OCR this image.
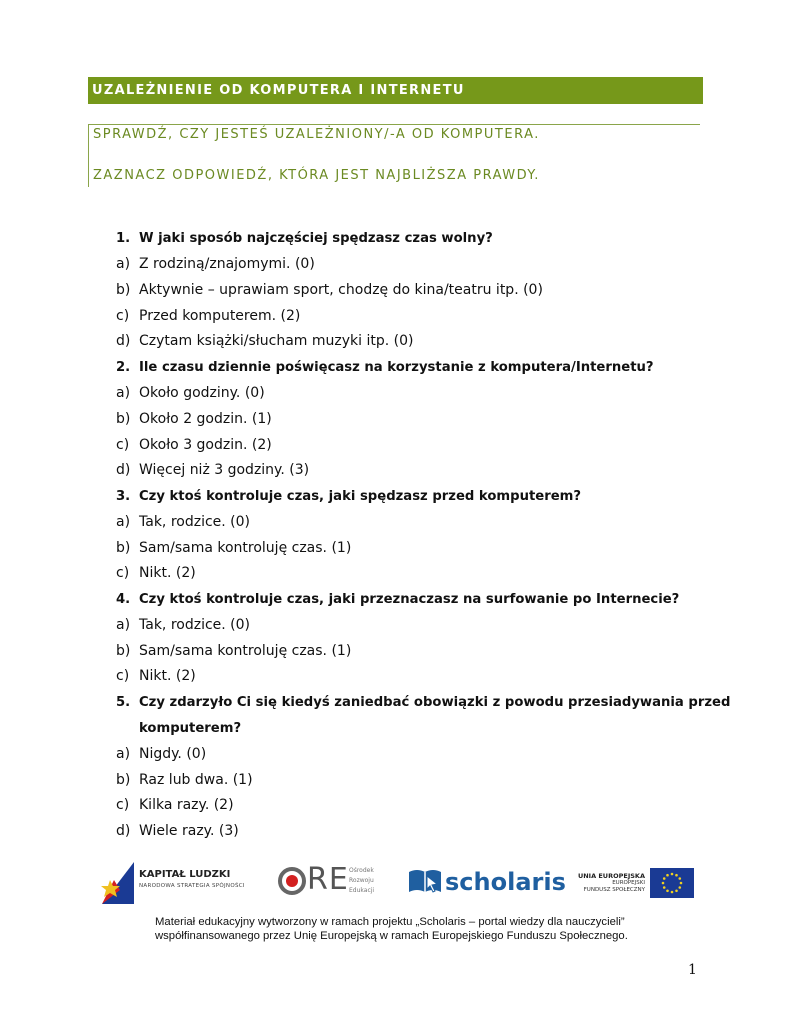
UZALEŻNIENIE OD KOMPUTERA I INTERNETU
SPRAWDŹ, CZY JESTEŚ UZALEŻNIONY/-A OD KOMPUTERA.
ZAZNACZ ODPOWIEDŹ, KTÓRA JEST NAJBLIŻSZA PRAWDY.
1. W jaki sposób najczęściej spędzasz czas wolny?
a) Z rodziną/znajomymi. (0)
b) Aktywnie – uprawiam sport, chodzę do kina/teatru itp. (0)
c) Przed komputerem. (2)
d) Czytam książki/słucham muzyki itp. (0)
2. Ile czasu dziennie poświęcasz na korzystanie z komputera/Internetu?
a) Około godziny. (0)
b) Około 2 godzin. (1)
c) Około 3 godzin. (2)
d) Więcej niż 3 godziny. (3)
3. Czy ktoś kontroluje czas, jaki spędzasz przed komputerem?
a) Tak, rodzice. (0)
b) Sam/sama kontroluję czas. (1)
c) Nikt. (2)
4. Czy ktoś kontroluje czas, jaki przeznaczasz na surfowanie po Internecie?
a) Tak, rodzice. (0)
b) Sam/sama kontroluję czas. (1)
c) Nikt. (2)
5. Czy zdarzyło Ci się kiedyś zaniedbać obowiązki z powodu przesiadywania przed
komputerem?
a) Nigdy. (0)
b) Raz lub dwa. (1)
c) Kilka razy. (2)
d) Wiele razy. (3)
KAPITAŁ LUDZKI
NARODOWA STRATEGIA SPÓJNOŚCI RE Ośrodek
Rozwoju
Edukacji	scholaris	UNIA EUROPEJSKA
EUROPEJSKI
FUNDUSZ SPOŁECZNY
Materiał edukacyjny wytworzony w ramach projektu „Scholaris – portal wiedzy dla nauczycieli”
współfinansowanego przez Unię Europejską w ramach Europejskiego Funduszu Społecznego.
1
